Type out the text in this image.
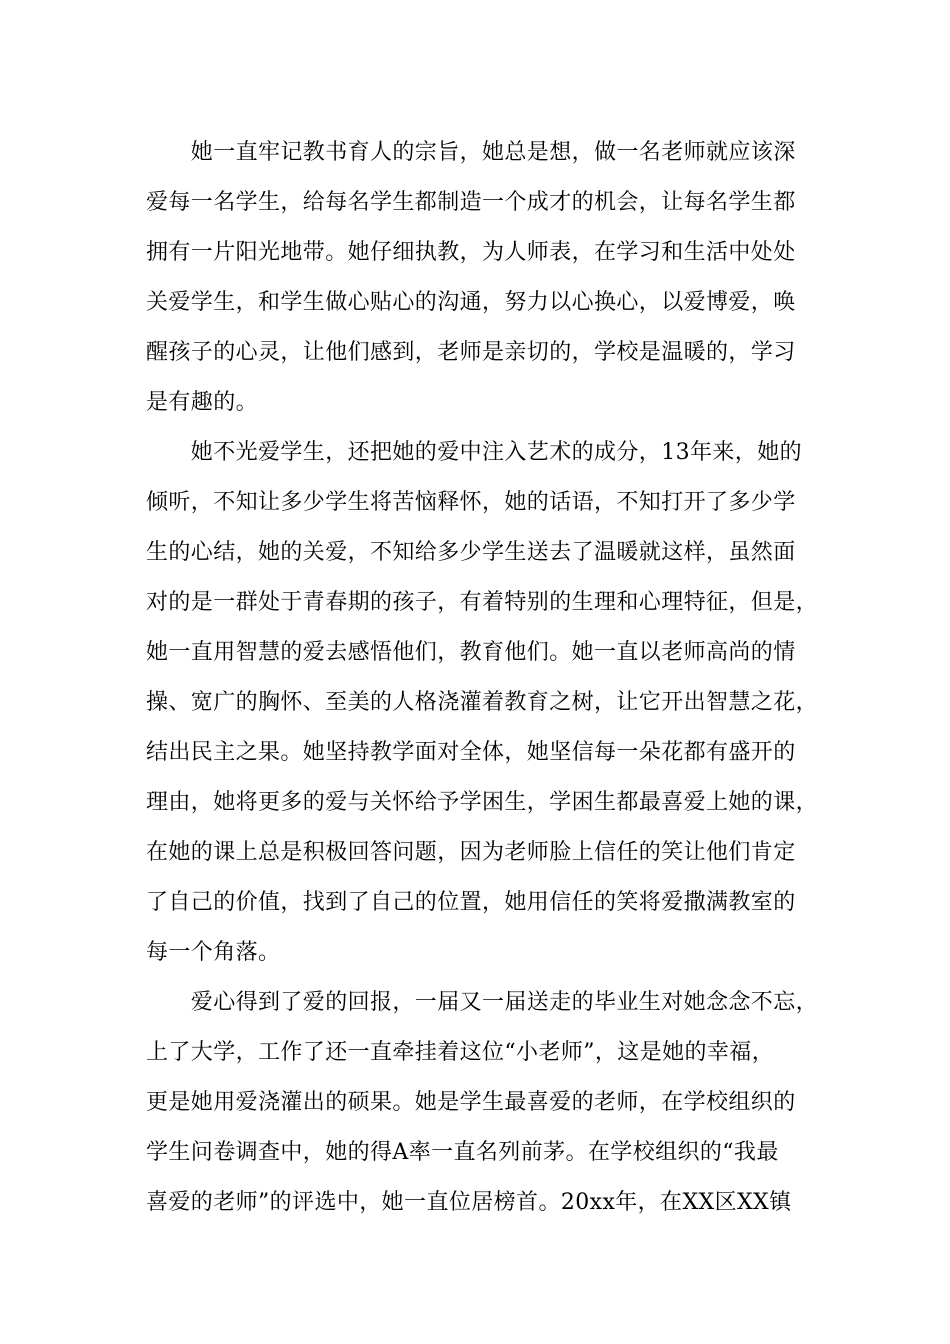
　　她一直牢记教书育人的宗旨，她总是想，做一名老师就应该深
爱每一名学生，给每名学生都制造一个成才的机会，让每名学生都
拥有一片阳光地带。她仔细执教，为人师表，在学习和生活中处处
关爱学生，和学生做心贴心的沟通，努力以心换心，以爱博爱，唤
醒孩子的心灵，让他们感到，老师是亲切的，学校是温暖的，学习
是有趣的。
　　她不光爱学生，还把她的爱中注入艺术的成分，13年来，她的
倾听，不知让多少学生将苦恼释怀，她的话语，不知打开了多少学
生的心结，她的关爱，不知给多少学生送去了温暖就这样，虽然面
对的是一群处于青春期的孩子，有着特别的生理和心理特征，但是，
她一直用智慧的爱去感悟他们，教育他们。她一直以老师高尚的情
操、宽广的胸怀、至美的人格浇灌着教育之树，让它开出智慧之花，
结出民主之果。她坚持教学面对全体，她坚信每一朵花都有盛开的
理由，她将更多的爱与关怀给予学困生，学困生都最喜爱上她的课，
在她的课上总是积极回答问题，因为老师脸上信任的笑让他们肯定
了自己的价值，找到了自己的位置，她用信任的笑将爱撒满教室的
每一个角落。
　　爱心得到了爱的回报，一届又一届送走的毕业生对她念念不忘，
上了大学，工作了还一直牵挂着这位“小老师”，这是她的幸福，
更是她用爱浇灌出的硕果。她是学生最喜爱的老师，在学校组织的
学生问卷调查中，她的得A率一直名列前茅。在学校组织的“我最
喜爱的老师”的评选中，她一直位居榜首。20xx年，在XX区XX镇
